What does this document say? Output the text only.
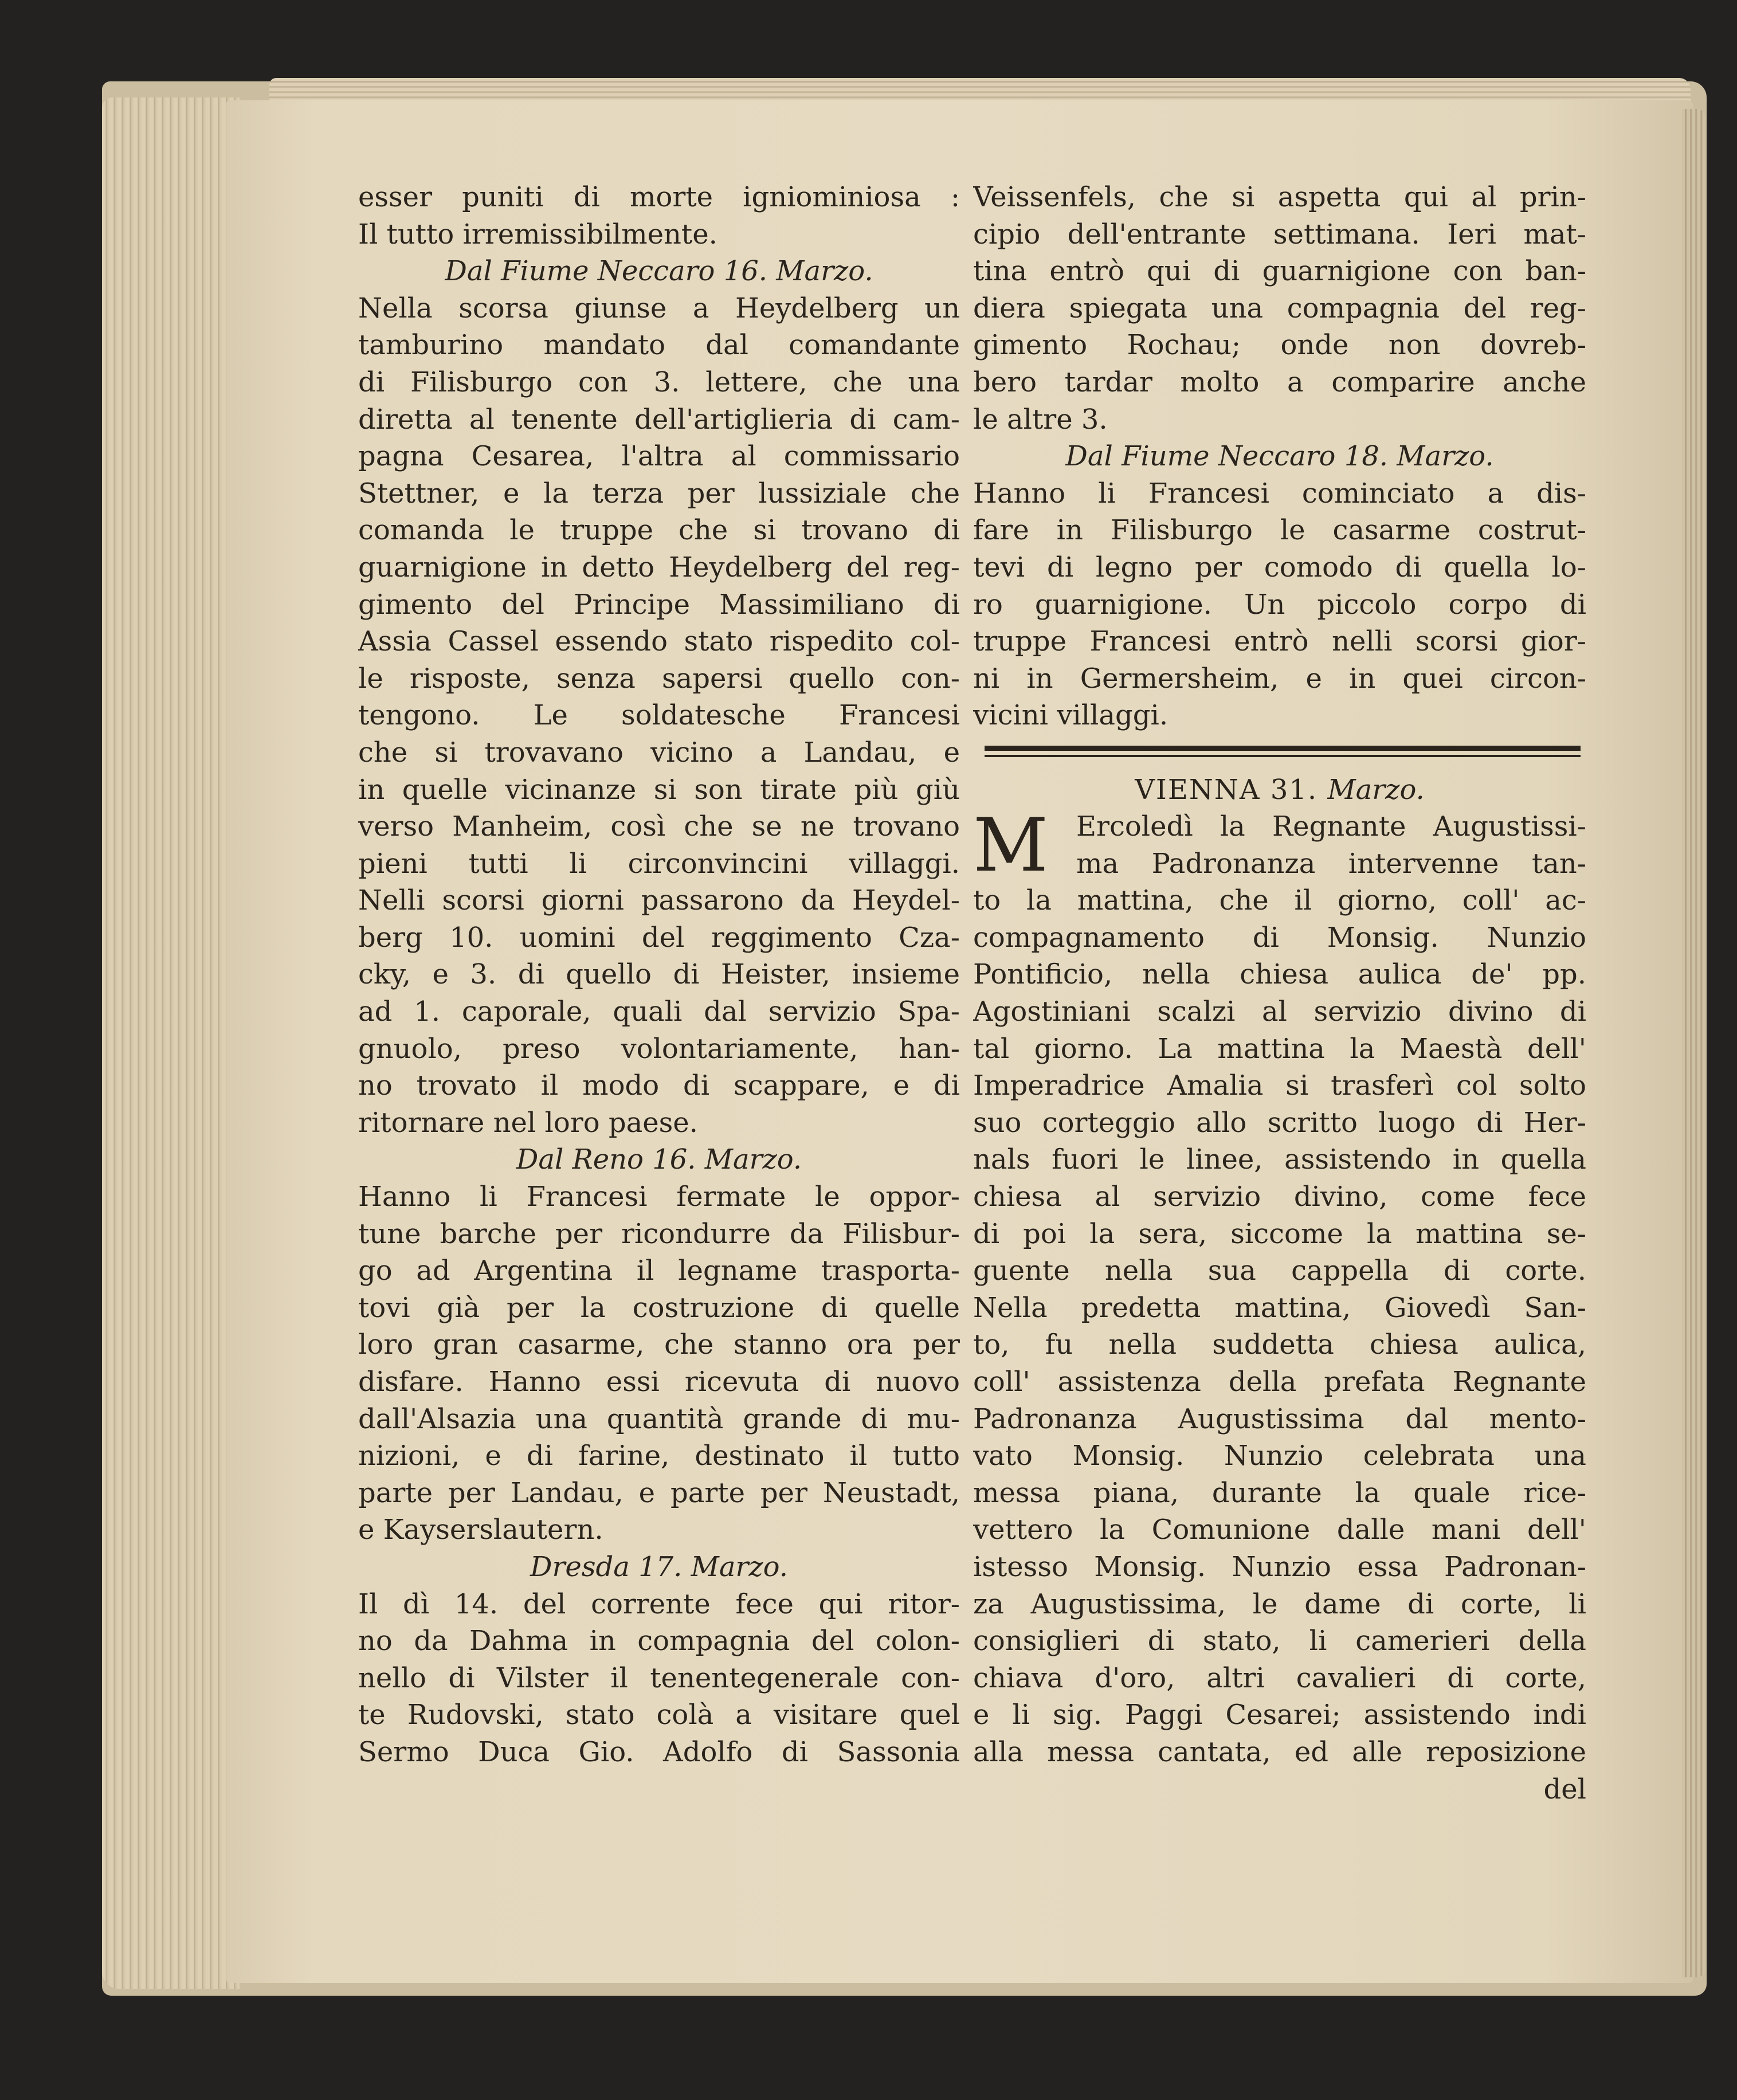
esser puniti di morte igniominiosa :
Il tutto irremissibilmente.
Dal Fiume Neccaro 16. Marzo.
Nella scorsa giunse a Heydelberg un
tamburino mandato dal comandante
di Filisburgo con 3. lettere, che una
diretta al tenente dell'artiglieria di cam-
pagna Cesarea, l'altra al commissario
Stettner, e la terza per lussiziale che
comanda le truppe che si trovano di
guarnigione in detto Heydelberg del reg-
gimento del Principe Massimiliano di
Assia Cassel essendo stato rispedito col-
le risposte, senza sapersi quello con-
tengono. Le soldatesche Francesi
che si trovavano vicino a Landau, e
in quelle vicinanze si son tirate più giù
verso Manheim, così che se ne trovano
pieni tutti li circonvincini villaggi.
Nelli scorsi giorni passarono da Heydel-
berg 10. uomini del reggimento Cza-
cky, e 3. di quello di Heister, insieme
ad 1. caporale, quali dal servizio Spa-
gnuolo, preso volontariamente, han-
no trovato il modo di scappare, e di
ritornare nel loro paese.
Dal Reno 16. Marzo.
Hanno li Francesi fermate le oppor-
tune barche per ricondurre da Filisbur-
go ad Argentina il legname trasporta-
tovi già per la costruzione di quelle
loro gran casarme, che stanno ora per
disfare. Hanno essi ricevuta di nuovo
dall'Alsazia una quantità grande di mu-
nizioni, e di farine, destinato il tutto
parte per Landau, e parte per Neustadt,
e Kayserslautern.
Dresda 17. Marzo.
Il dì 14. del corrente fece qui ritor-
no da Dahma in compagnia del colon-
nello di Vilster il tenentegenerale con-
te Rudovski, stato colà a visitare quel
Sermo Duca Gio. Adolfo di Sassonia
Veissenfels, che si aspetta qui al prin-
cipio dell'entrante settimana. Ieri mat-
tina entrò qui di guarnigione con ban-
diera spiegata una compagnia del reg-
gimento Rochau; onde non dovreb-
bero tardar molto a comparire anche
le altre 3.
Dal Fiume Neccaro 18. Marzo.
Hanno li Francesi cominciato a dis-
fare in Filisburgo le casarme costrut-
tevi di legno per comodo di quella lo-
ro guarnigione. Un piccolo corpo di
truppe Francesi entrò nelli scorsi gior-
ni in Germersheim, e in quei circon-
vicini villaggi.
VIENNA 31. Marzo.
M Ercoledì la Regnante Augustissi-
ma Padronanza intervenne tan-
to la mattina, che il giorno, coll' ac-
compagnamento di Monsig. Nunzio
Pontificio, nella chiesa aulica de' pp.
Agostiniani scalzi al servizio divino di
tal giorno. La mattina la Maestà dell'
Imperadrice Amalia si trasferì col solto
suo corteggio allo scritto luogo di Her-
nals fuori le linee, assistendo in quella
chiesa al servizio divino, come fece
di poi la sera, siccome la mattina se-
guente nella sua cappella di corte.
Nella predetta mattina, Giovedì San-
to, fu nella suddetta chiesa aulica,
coll' assistenza della prefata Regnante
Padronanza Augustissima dal mento-
vato Monsig. Nunzio celebrata una
messa piana, durante la quale rice-
vettero la Comunione dalle mani dell'
istesso Monsig. Nunzio essa Padronan-
za Augustissima, le dame di corte, li
consiglieri di stato, li camerieri della
chiava d'oro, altri cavalieri di corte,
e li sig. Paggi Cesarei; assistendo indi
alla messa cantata, ed alle reposizione
del
